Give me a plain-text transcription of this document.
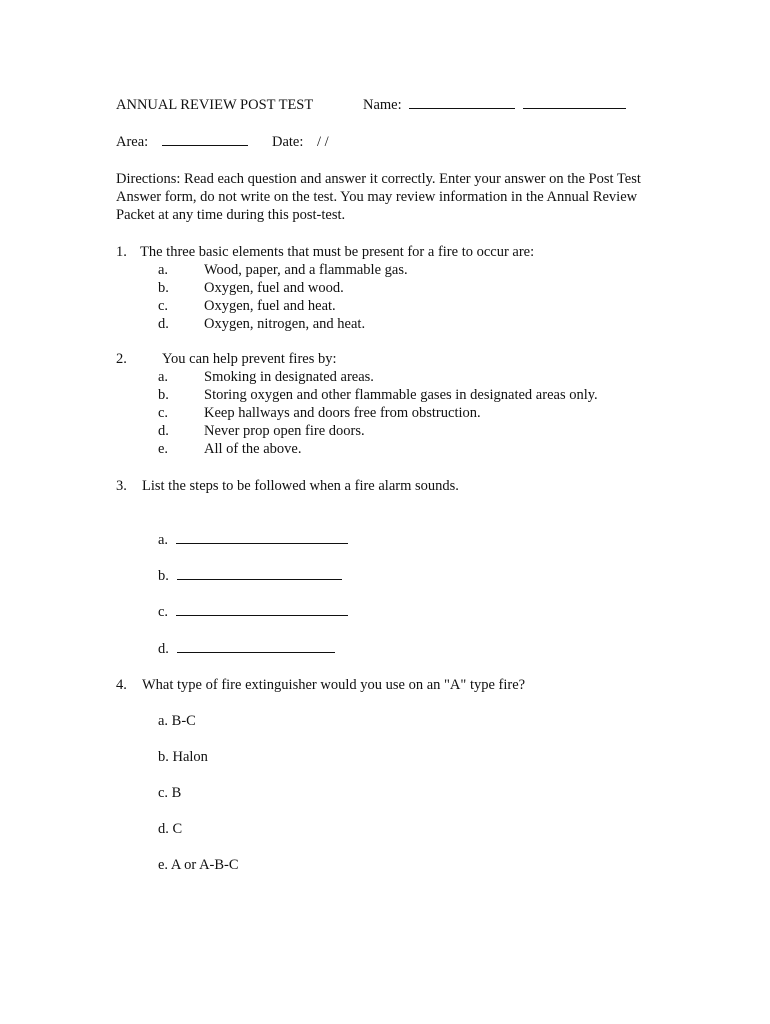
ANNUAL REVIEW POST TEST	Name:
Area:	Date: / /
Directions: Read each question and answer it correctly. Enter your answer on the Post Test
Answer form, do not write on the test. You may review information in the Annual Review
Packet at any time during this post-test.
1. The three basic elements that must be present for a fire to occur are:
a. Wood, paper, and a flammable gas.
b. Oxygen, fuel and wood.
c. Oxygen, fuel and heat.
d. Oxygen, nitrogen, and heat.
2. You can help prevent fires by:
a. Smoking in designated areas.
b. Storing oxygen and other flammable gases in designated areas only.
c. Keep hallways and doors free from obstruction.
d. Never prop open fire doors.
e. All of the above.
3. List the steps to be followed when a fire alarm sounds.
a.
b.
c.
d.
4. What type of fire extinguisher would you use on an "A" type fire?
a. B-C
b. Halon
c. B
d. C
e. A or A-B-C
